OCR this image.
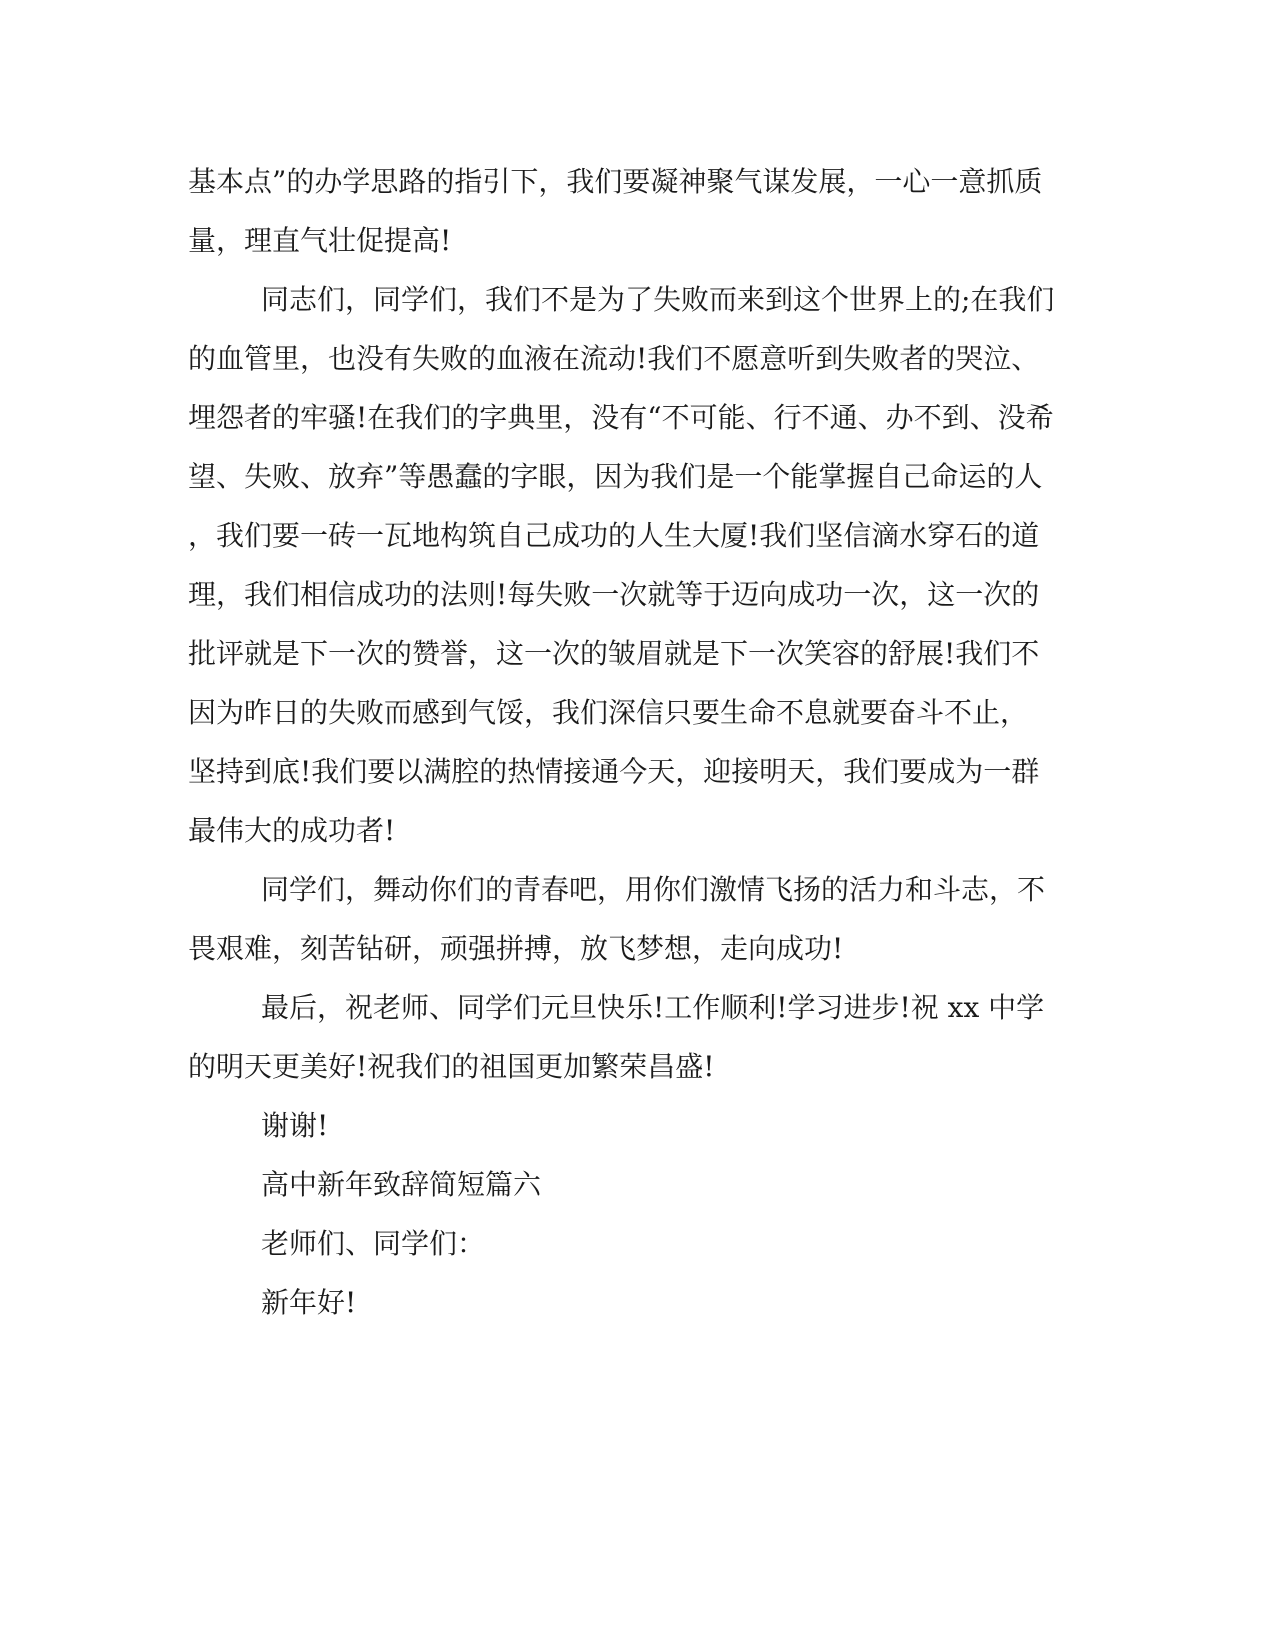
基本点”的办学思路的指引下，我们要凝神聚气谋发展，一心一意抓质

量，理直气壮促提高!

同志们，同学们，我们不是为了失败而来到这个世界上的;在我们

的血管里，也没有失败的血液在流动!我们不愿意听到失败者的哭泣、

埋怨者的牢骚!在我们的字典里，没有“不可能、行不通、办不到、没希

望、失败、放弃”等愚蠢的字眼，因为我们是一个能掌握自己命运的人

，我们要一砖一瓦地构筑自己成功的人生大厦!我们坚信滴水穿石的道

理，我们相信成功的法则!每失败一次就等于迈向成功一次，这一次的

批评就是下一次的赞誉，这一次的皱眉就是下一次笑容的舒展!我们不

因为昨日的失败而感到气馁，我们深信只要生命不息就要奋斗不止，

坚持到底!我们要以满腔的热情接通今天，迎接明天，我们要成为一群

最伟大的成功者!

同学们，舞动你们的青春吧，用你们激情飞扬的活力和斗志，不

畏艰难，刻苦钻研，顽强拼搏，放飞梦想，走向成功!

最后，祝老师、同学们元旦快乐!工作顺利!学习进步!祝 xx 中学

的明天更美好!祝我们的祖国更加繁荣昌盛!

谢谢!

高中新年致辞简短篇六

老师们、同学们：

新年好!
